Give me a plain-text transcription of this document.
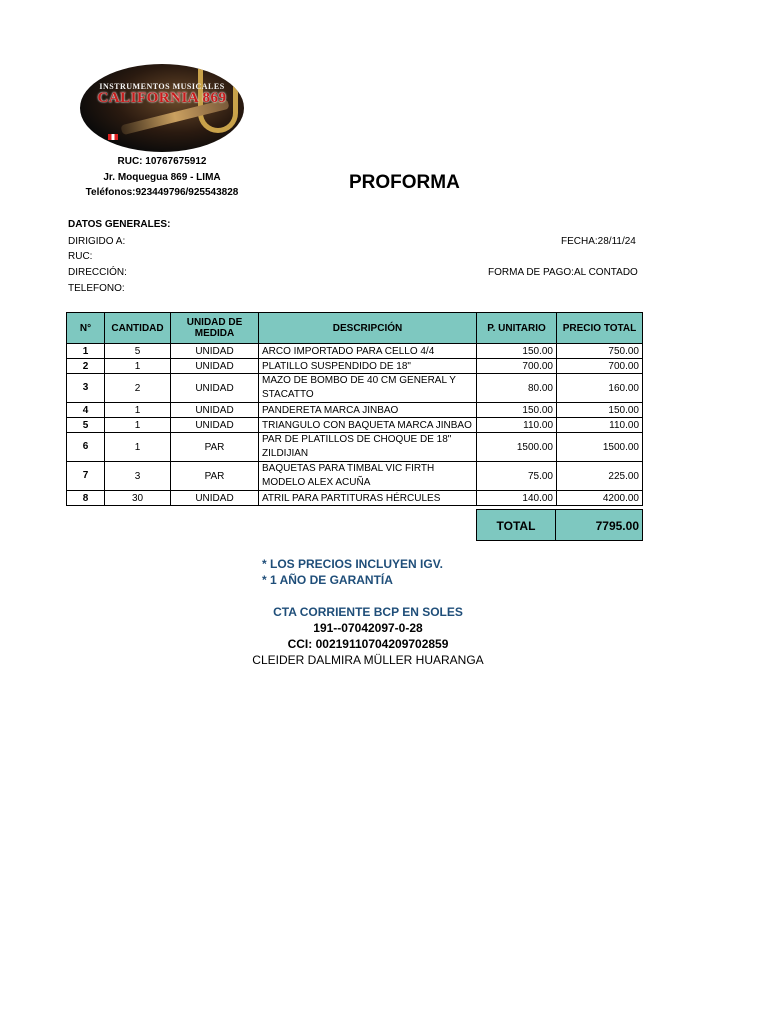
INSTRUMENTOS MUSICALES
CALIFORNIA 869
RUC: 10767675912
Jr. Moquegua 869 - LIMA
Teléfonos:923449796/925543828	PROFORMA
DATOS GENERALES:
DIRIGIDO A:
RUC:
DIRECCIÓN:
TELEFONO:
FECHA:28/11/24
FORMA DE PAGO:AL CONTADO
N°	CANTIDAD	UNIDAD DE MEDIDA	DESCRIPCIÓN	P. UNITARIO	PRECIO TOTAL
1	5	UNIDAD	ARCO IMPORTADO PARA CELLO 4/4	150.00	750.00
2	1	UNIDAD	PLATILLO SUSPENDIDO DE 18"	700.00	700.00
3	2	UNIDAD	MAZO DE BOMBO DE 40 CM GENERAL Y STACATTO	80.00	160.00
4	1	UNIDAD	PANDERETA MARCA JINBAO	150.00	150.00
5	1	UNIDAD	TRIANGULO CON BAQUETA MARCA JINBAO	110.00	110.00
6	1	PAR	PAR DE PLATILLOS DE CHOQUE DE 18" ZILDIJIAN	1500.00	1500.00
7	3	PAR	BAQUETAS PARA TIMBAL VIC FIRTH MODELO ALEX ACUÑA	75.00	225.00
8	30	UNIDAD	ATRIL PARA PARTITURAS HÉRCULES	140.00	4200.00
TOTAL	7795.00
* LOS PRECIOS INCLUYEN IGV.
* 1 AÑO DE GARANTÍA
CTA CORRIENTE BCP EN SOLES
191--07042097-0-28
CCI: 00219110704209702859
CLEIDER DALMIRA MÜLLER HUARANGA
